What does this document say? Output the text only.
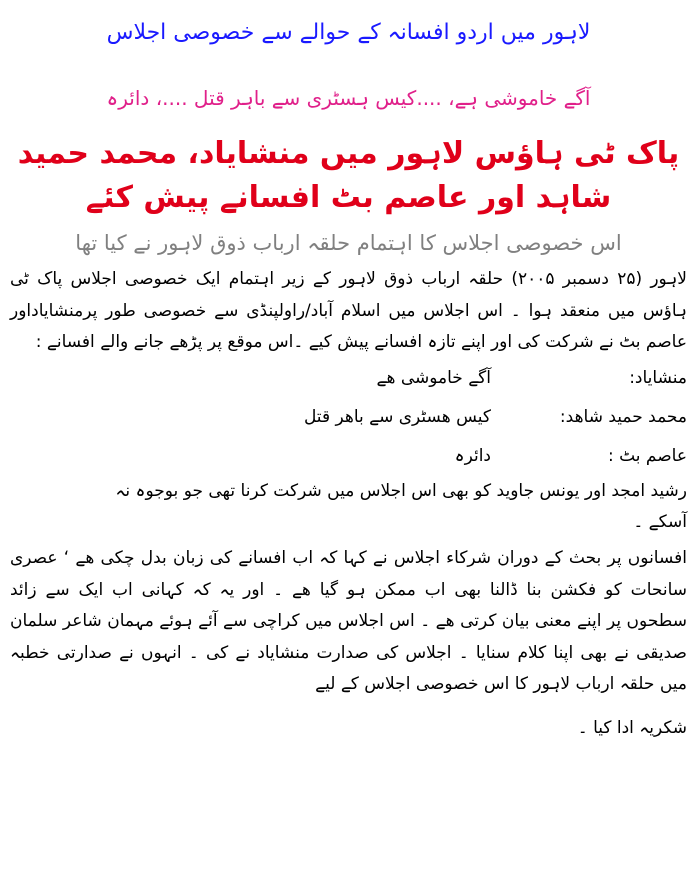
لاہور میں اردو افسانہ کے حوالے سے خصوصی اجلاس
آگے خاموشی ہے، ....کیس ہسٹری سے باہر قتل ....، دائرہ
پاک ٹی ہاؤس لاہور میں منشایاد، محمد حمید شاہد اور عاصم بٹ افسانے پیش کئے
اس خصوصی اجلاس کا اہتمام حلقہ ارباب ذوق لاہور نے کیا تھا

لاہور (۲۵ دسمبر ۲۰۰۵) حلقہ ارباب ذوق لاہور کے زیر اہتمام ایک خصوصی اجلاس پاک ٹی ہاؤس میں منعقد ہوا ۔ اس اجلاس میں اسلام آباد/راولپنڈی سے خصوصی طور پرمنشایاداور عاصم بٹ نے شرکت کی اور اپنے تازہ افسانے پیش کیے ۔اس موقع پر پڑھے جانے والے افسانے :

منشایاد:
آگے خاموشی ھے
محمد حمید شاھد:
کیس ھسٹری سے باھر قتل
عاصم بٹ :
دائرہ

رشید امجد اور یونس جاوید کو بھی اس اجلاس میں شرکت کرنا تھی جو بوجوہ نہ

آسکے ۔

افسانوں پر بحث کے دوران شرکاء اجلاس نے کہا کہ اب افسانے کی زبان بدل چکی ھے ‘ عصری سانحات کو فکشن بنا ڈالنا بھی اب ممکن ہو گیا ھے ۔ اور یہ کہ کہانی اب ایک سے زائد سطحوں پر اپنے معنی بیان کرتی ھے ۔ اس اجلاس میں کراچی سے آئے ہوئے مہمان شاعر سلمان صدیقی نے بھی اپنا کلام سنایا ۔ اجلاس کی صدارت منشایاد نے کی ۔ انہوں نے صدارتی خطبہ میں حلقہ ارباب لاہور کا اس خصوصی اجلاس کے لیے

شکریہ ادا کیا ۔
